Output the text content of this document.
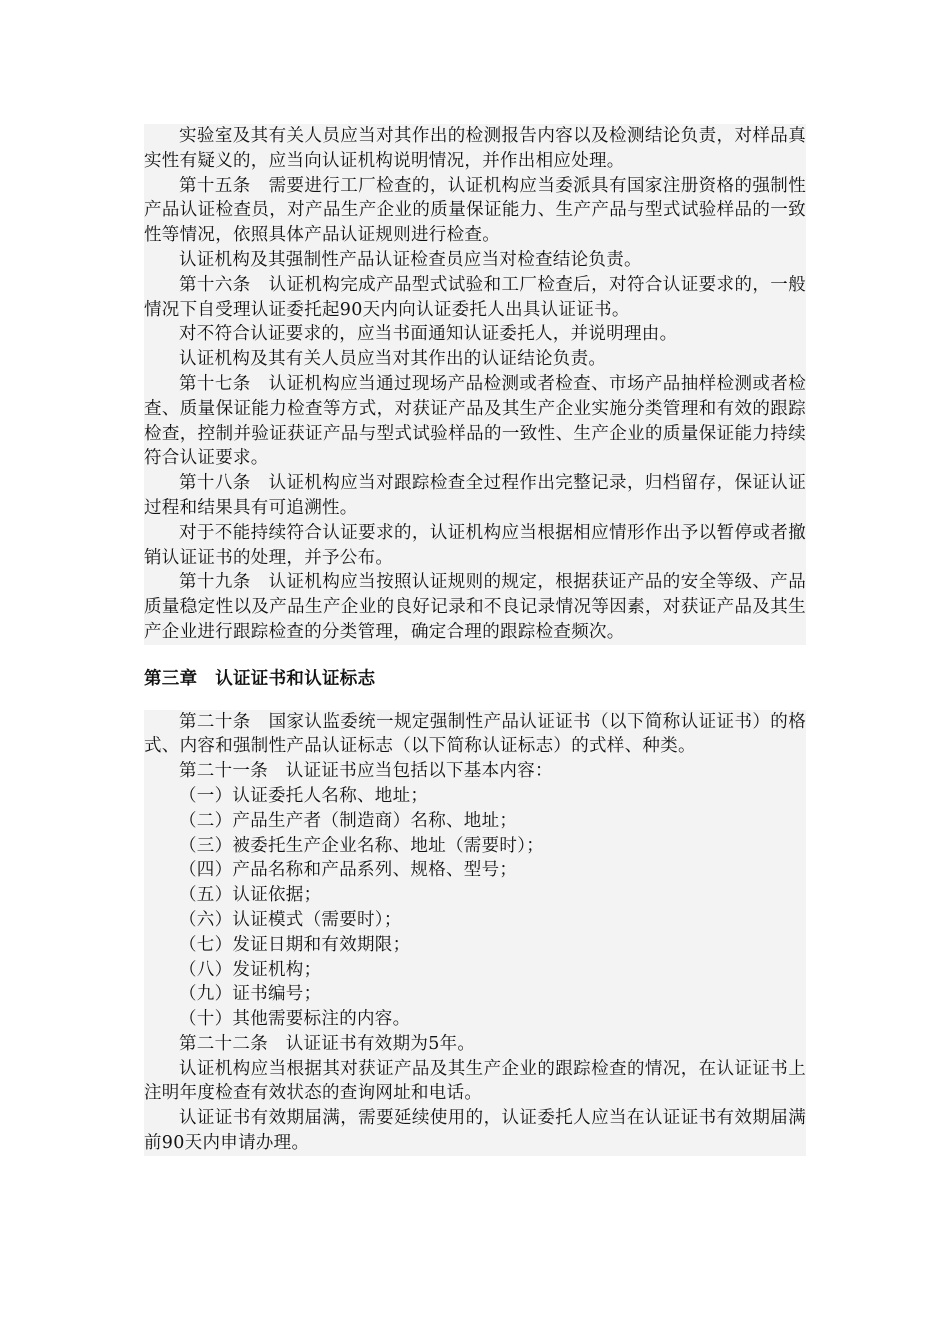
实验室及其有关人员应当对其作出的检测报告内容以及检测结论负责，对样品真实性有疑义的，应当向认证机构说明情况，并作出相应处理。

第十五条　需要进行工厂检查的，认证机构应当委派具有国家注册资格的强制性产品认证检查员，对产品生产企业的质量保证能力、生产产品与型式试验样品的一致性等情况，依照具体产品认证规则进行检查。

认证机构及其强制性产品认证检查员应当对检查结论负责。

第十六条　认证机构完成产品型式试验和工厂检查后，对符合认证要求的，一般情况下自受理认证委托起90天内向认证委托人出具认证证书。

对不符合认证要求的，应当书面通知认证委托人，并说明理由。

认证机构及其有关人员应当对其作出的认证结论负责。

第十七条　认证机构应当通过现场产品检测或者检查、市场产品抽样检测或者检查、质量保证能力检查等方式，对获证产品及其生产企业实施分类管理和有效的跟踪检查，控制并验证获证产品与型式试验样品的一致性、生产企业的质量保证能力持续符合认证要求。

第十八条　认证机构应当对跟踪检查全过程作出完整记录，归档留存，保证认证过程和结果具有可追溯性。

对于不能持续符合认证要求的，认证机构应当根据相应情形作出予以暂停或者撤销认证证书的处理，并予公布。

第十九条　认证机构应当按照认证规则的规定，根据获证产品的安全等级、产品质量稳定性以及产品生产企业的良好记录和不良记录情况等因素，对获证产品及其生产企业进行跟踪检查的分类管理，确定合理的跟踪检查频次。

第三章　认证证书和认证标志

第二十条　国家认监委统一规定强制性产品认证证书（以下简称认证证书）的格式、内容和强制性产品认证标志（以下简称认证标志）的式样、种类。

第二十一条　认证证书应当包括以下基本内容：

（一）认证委托人名称、地址；

（二）产品生产者（制造商）名称、地址；

（三）被委托生产企业名称、地址（需要时）；

（四）产品名称和产品系列、规格、型号；

（五）认证依据；

（六）认证模式（需要时）；

（七）发证日期和有效期限；

（八）发证机构；

（九）证书编号；

（十）其他需要标注的内容。

第二十二条　认证证书有效期为5年。

认证机构应当根据其对获证产品及其生产企业的跟踪检查的情况，在认证证书上注明年度检查有效状态的查询网址和电话。

认证证书有效期届满，需要延续使用的，认证委托人应当在认证证书有效期届满前90天内申请办理。
